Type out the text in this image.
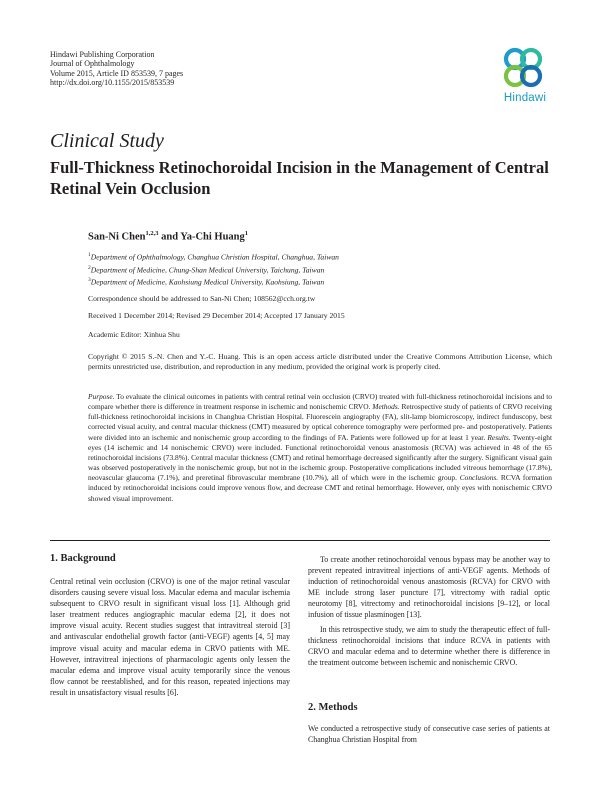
Hindawi Publishing Corporation
Journal of Ophthalmology
Volume 2015, Article ID 853539, 7 pages
http://dx.doi.org/10.1155/2015/853539
Hindawi
Clinical Study
Full-Thickness Retinochoroidal Incision in the Management of Central Retinal Vein Occlusion
San-Ni Chen$^{1,2,3}$ and Ya-Chi Huang$^1$
$^1$Department of Ophthalmology, Changhua Christian Hospital, Changhua, Taiwan
$^2$Department of Medicine, Chung-Shan Medical University, Taichung, Taiwan
$^3$Department of Medicine, Kaohsiung Medical University, Kaohsiung, Taiwan
Correspondence should be addressed to San-Ni Chen; 108562@cch.org.tw
Received 1 December 2014; Revised 29 December 2014; Accepted 17 January 2015
Academic Editor: Xinhua Shu
Copyright © 2015 S.-N. Chen and Y.-C. Huang. This is an open access article distributed under the Creative Commons Attribution License, which permits unrestricted use, distribution, and reproduction in any medium, provided the original work is properly cited.
Purpose. To evaluate the clinical outcomes in patients with central retinal vein occlusion (CRVO) treated with full-thickness retinochoroidal incisions and to compare whether there is difference in treatment response in ischemic and nonischemic CRVO. Methods. Retrospective study of patients of CRVO receiving full-thickness retinochoroidal incisions in Changhua Christian Hospital. Fluorescein angiography (FA), slit-lamp biomicroscopy, indirect funduscopy, best corrected visual acuity, and central macular thickness (CMT) measured by optical coherence tomography were performed pre- and postoperatively. Patients were divided into an ischemic and nonischemic group according to the findings of FA. Patients were followed up for at least 1 year. Results. Twenty-eight eyes (14 ischemic and 14 nonischemic CRVO) were included. Functional retinochoroidal venous anastomosis (RCVA) was achieved in 48 of the 65 retinochoroidal incisions (73.8%). Central macular thickness (CMT) and retinal hemorrhage decreased significantly after the surgery. Significant visual gain was observed postoperatively in the nonischemic group, but not in the ischemic group. Postoperative complications included vitreous hemorrhage (17.8%), neovascular glaucoma (7.1%), and preretinal fibrovascular membrane (10.7%), all of which were in the ischemic group. Conclusions. RCVA formation induced by retinochoroidal incisions could improve venous flow, and decrease CMT and retinal hemorrhage. However, only eyes with nonischemic CRVO showed visual improvement.
1. Background

Central retinal vein occlusion (CRVO) is one of the major retinal vascular disorders causing severe visual loss. Macular edema and macular ischemia subsequent to CRVO result in significant visual loss [1]. Although grid laser treatment reduces angiographic macular edema [2], it does not improve visual acuity. Recent studies suggest that intravitreal steroid [3] and antivascular endothelial growth factor (anti-VEGF) agents [4, 5] may improve visual acuity and macular edema in CRVO patients with ME. However, intravitreal injections of pharmacologic agents only lessen the macular edema and improve visual acuity temporarily since the venous flow cannot be reestablished, and for this reason, repeated injections may result in unsatisfactory visual results [6].

To create another retinochoroidal venous bypass may be another way to prevent repeated intravitreal injections of anti-VEGF agents. Methods of induction of retinochoroidal venous anastomosis (RCVA) for CRVO with ME include strong laser puncture [7], vitrectomy with radial optic neurotomy [8], vitrectomy and retinochoroidal incisions [9–12], or local infusion of tissue plasminogen [13].

In this retrospective study, we aim to study the therapeutic effect of full-thickness retinochoroidal incisions that induce RCVA in patients with CRVO and macular edema and to determine whether there is difference in the treatment outcome between ischemic and nonischemic CRVO.

2. Methods

We conducted a retrospective study of consecutive case series of patients at Changhua Christian Hospital from
